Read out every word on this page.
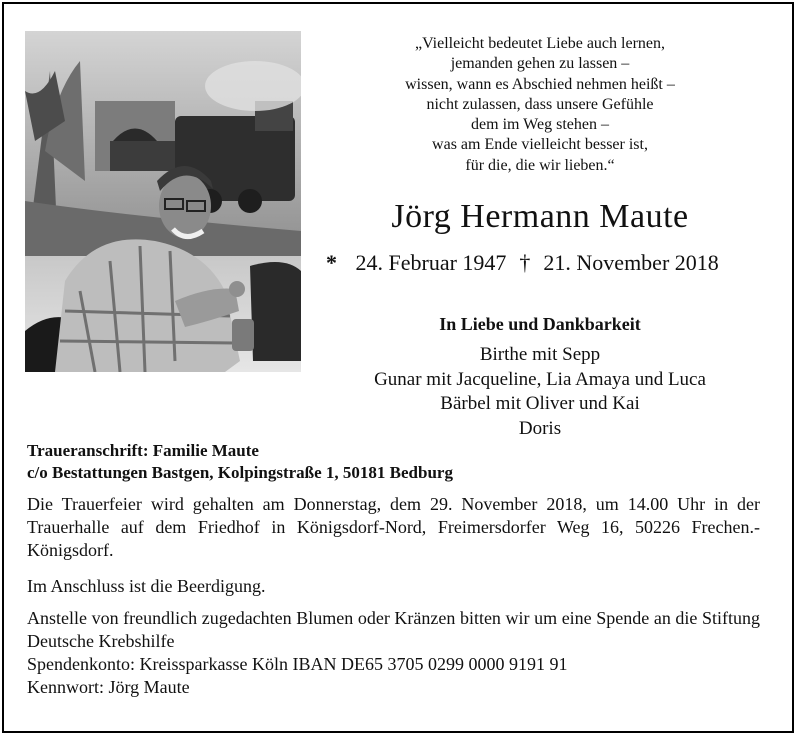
„Vielleicht bedeutet Liebe auch lernen,
jemanden gehen zu lassen –
wissen, wann es Abschied nehmen heißt –
nicht zulassen, dass unsere Gefühle
dem im Weg stehen –
was am Ende vielleicht besser ist,
für die, die wir lieben.“
Jörg Hermann Maute
* 24. Februar 1947 † 21. November 2018
In Liebe und Dankbarkeit
Birthe mit Sepp
Gunar mit Jacqueline, Lia Amaya und Luca
Bärbel mit Oliver und Kai
Doris
Traueranschrift: Familie Maute
c/o Bestattungen Bastgen, Kolpingstraße 1, 50181 Bedburg
Die Trauerfeier wird gehalten am Donnerstag, dem 29. November 2018, um 14.00 Uhr in der Trauerhalle auf dem Friedhof in Königsdorf-Nord, Freimersdorfer Weg 16, 50226 Frechen.-Königsdorf.
Im Anschluss ist die Beerdigung.
Anstelle von freundlich zugedachten Blumen oder Kränzen bitten wir um eine Spende an die Stiftung Deutsche Krebshilfe
Spendenkonto: Kreissparkasse Köln IBAN DE65 3705 0299 0000 9191 91
Kennwort: Jörg Maute
